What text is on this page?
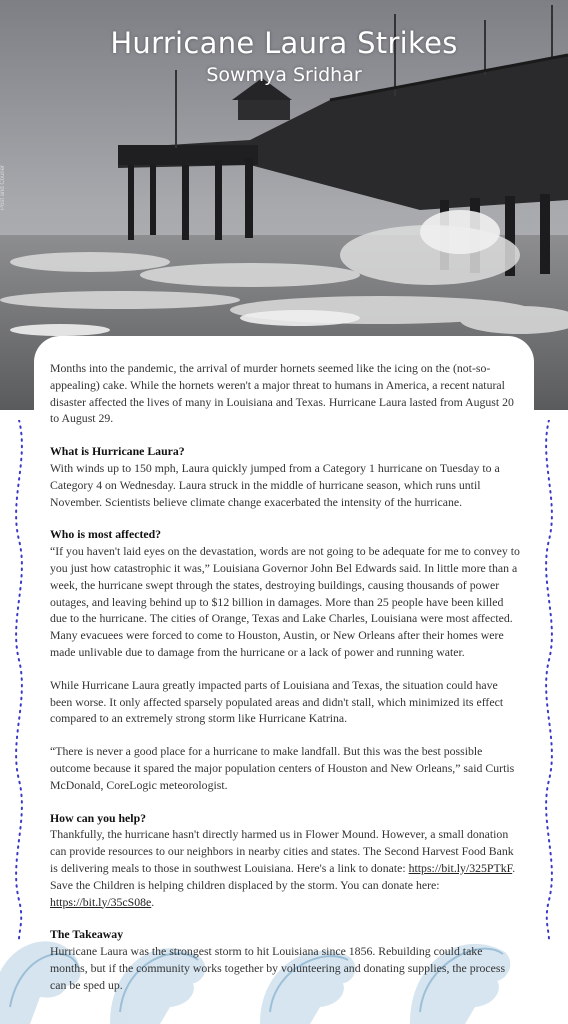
Post and Courier
Hurricane Laura Strikes
Sowmya Sridhar

Months into the pandemic, the arrival of murder hornets seemed like the icing on the (not-so-appealing) cake. While the hornets weren't a major threat to humans in America, a recent natural disaster affected the lives of many in Louisiana and Texas. Hurricane Laura lasted from August 20 to August 29.

What is Hurricane Laura?

With winds up to 150 mph, Laura quickly jumped from a Category 1 hurricane on Tuesday to a Category 4 on Wednesday. Laura struck in the middle of hurricane season, which runs until November. Scientists believe climate change exacerbated the intensity of the hurricane.

Who is most affected?

“If you haven't laid eyes on the devastation, words are not going to be adequate for me to convey to you just how catastrophic it was,” Louisiana Governor John Bel Edwards said. In little more than a week, the hurricane swept through the states, destroying buildings, causing thousands of power outages, and leaving behind up to $12 billion in damages. More than 25 people have been killed due to the hurricane. The cities of Orange, Texas and Lake Charles, Louisiana were most affected. Many evacuees were forced to come to Houston, Austin, or New Orleans after their homes were made unlivable due to damage from the hurricane or a lack of power and running water.

While Hurricane Laura greatly impacted parts of Louisiana and Texas, the situation could have been worse. It only affected sparsely populated areas and didn't stall, which minimized its effect compared to an extremely strong storm like Hurricane Katrina.

“There is never a good place for a hurricane to make landfall. But this was the best possible outcome because it spared the major population centers of Houston and New Orleans,” said Curtis McDonald, CoreLogic meteorologist.

How can you help?

Thankfully, the hurricane hasn't directly harmed us in Flower Mound. However, a small donation can provide resources to our neighbors in nearby cities and states. The Second Harvest Food Bank is delivering meals to those in southwest Louisiana. Here's a link to donate: https://bit.ly/325PTkF. Save the Children is helping children displaced by the storm. You can donate here: https://bit.ly/35cS08e.

The Takeaway

Hurricane Laura was the strongest storm to hit Louisiana since 1856. Rebuilding could take months, but if the community works together by volunteering and donating supplies, the process can be sped up.
